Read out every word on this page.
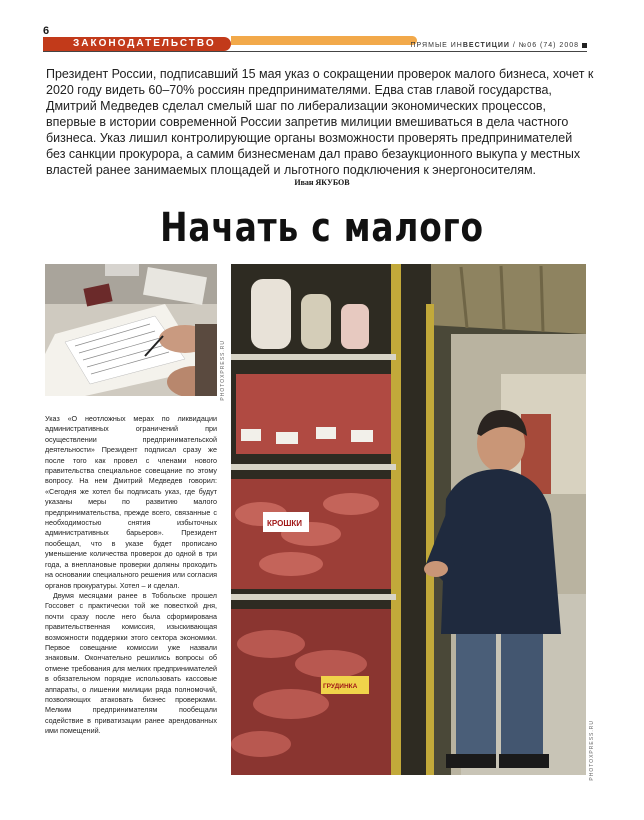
6
ЗАКОНОДАТЕЛЬСТВО	ПРЯМЫЕ ИНВЕСТИЦИИ / №06 (74) 2008
Президент России, подписавший 15 мая указ о сокращении проверок малого бизнеса, хочет к 2020 году видеть 60–70% россиян предпринимателями. Едва став главой государства, Дмитрий Медведев сделал смелый шаг по либерализации экономических процессов, впервые в истории современной России запретив милиции вмешиваться в дела частного бизнеса. Указ лишил контролирующие органы возможности проверять предпринимателей без санкции прокурора, а самим бизнесменам дал право безаукционного выкупа у местных властей ранее занимаемых площадей и льготного подключения к энергоносителям.
Иван ЯКУБОВ
Начать с малого
PHOTOXPRESS.RU
КРОШКИ
ГРУДИНКА
PHOTOXPRESS.RU

Указ «О неотложных мерах по ликвидации административных ограничений при осуществлении предпринимательской деятельности» Президент подписал сразу же после того как провел с членами нового правительства специальное совещание по этому вопросу. На нем Дмитрий Медведев говорил: «Сегодня же хотел бы подписать указ, где будут указаны меры по развитию малого предпринимательства, прежде всего, связанные с необходимостью снятия избыточных административных барьеров». Президент пообещал, что в указе будет прописано уменьшение количества проверок до одной в три года, а внеплановые проверки должны проходить на основании специального решения или согласия органов прокуратуры. Хотел – и сделал.

Двумя месяцами ранее в Тобольске прошел Госсовет с практически той же повесткой дня, почти сразу после него была сформирована правительственная комиссия, изыскивающая возможности поддержки этого сектора экономики. Первое совещание комиссии уже назвали знаковым. Окончательно решились вопросы об отмене требования для мелких предпринимателей в обязательном порядке использовать кассовые аппараты, о лишении милиции ряда полномочий, позволяющих атаковать бизнес проверками. Мелким предпринимателям пообещали содействие в приватизации ранее арендованных ими помещений.
